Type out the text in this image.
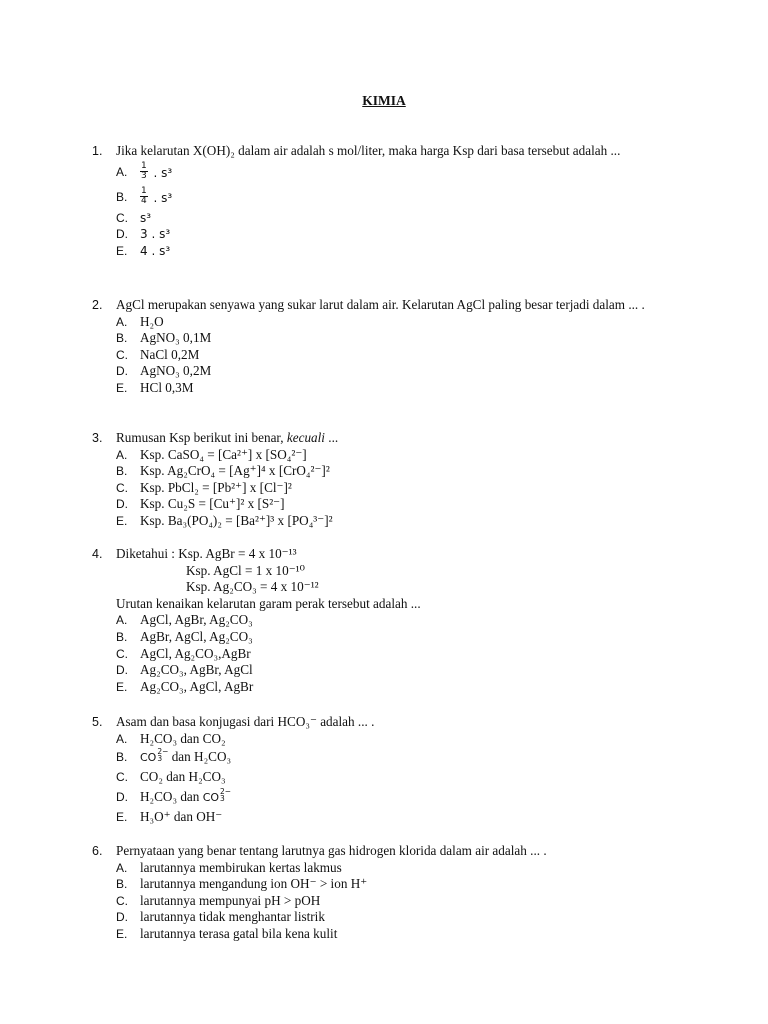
KIMIA
1. Jika kelarutan X(OH)₂ dalam air adalah s mol/liter, maka harga Ksp dari basa tersebut adalah ...
A. $\frac{1}{3}$ . s³
B. $\frac{1}{4}$ . s³
C. s³
D. 3 . s³
E. 4 . s³
2. AgCl merupakan senyawa yang sukar larut dalam air. Kelarutan AgCl paling besar terjadi dalam ... .
A. H₂O
B. AgNO₃ 0,1M
C. NaCl 0,2M
D. AgNO₃ 0,2M
E. HCl 0,3M
3. Rumusan Ksp berikut ini benar, kecuali ...
A. Ksp. CaSO₄ = [Ca²⁺] x [SO₄²⁻]
B. Ksp. Ag₂CrO₄ = [Ag⁺]⁴ x [CrO₄²⁻]²
C. Ksp. PbCl₂ = [Pb²⁺] x [Cl⁻]²
D. Ksp. Cu₂S = [Cu⁺]² x [S²⁻]
E. Ksp. Ba₃(PO₄)₂ = [Ba²⁺]³ x [PO₄³⁻]²
4. Diketahui : Ksp. AgBr = 4 x 10⁻¹³
Ksp. AgCl = 1 x 10⁻¹⁰
Ksp. Ag₂CO₃ = 4 x 10⁻¹²
Urutan kenaikan kelarutan garam perak tersebut adalah ...
A. AgCl, AgBr, Ag₂CO₃
B. AgBr, AgCl, Ag₂CO₃
C. AgCl, Ag₂CO₃,AgBr
D. Ag₂CO₃, AgBr, AgCl
E. Ag₂CO₃, AgCl, AgBr
5. Asam dan basa konjugasi dari HCO₃⁻ adalah ... .
A. H₂CO₃ dan CO₂
B. CO 2−
3 dan H₂CO₃
C. CO₂ dan H₂CO₃
D. H₂CO₃ dan CO 2−
3
E. H₃O⁺ dan OH⁻
6. Pernyataan yang benar tentang larutnya gas hidrogen klorida dalam air adalah ... .
A. larutannya membirukan kertas lakmus
B. larutannya mengandung ion OH⁻ > ion H⁺
C. larutannya mempunyai pH > pOH
D. larutannya tidak menghantar listrik
E. larutannya terasa gatal bila kena kulit
